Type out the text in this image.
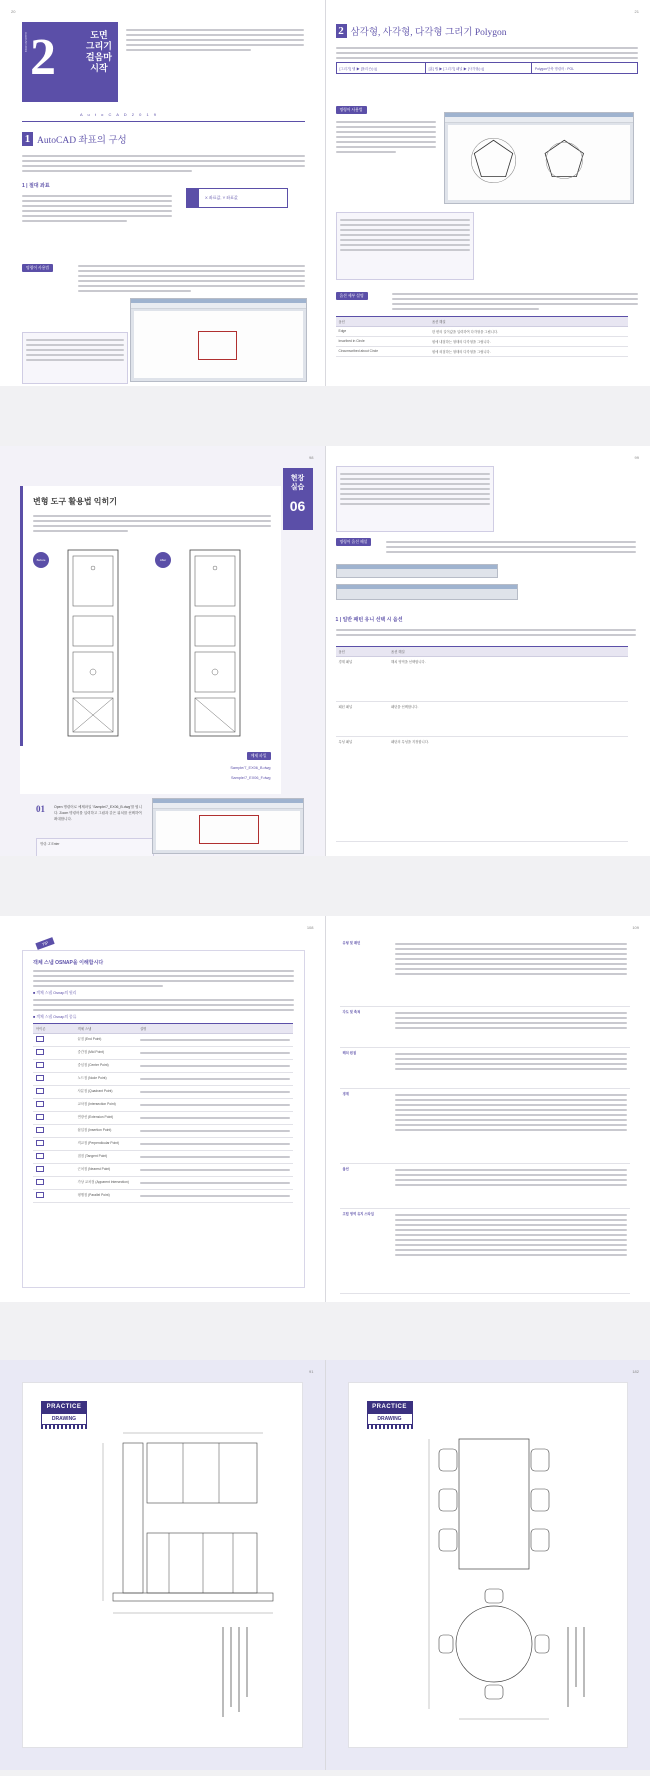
20
2
AutoCAD 2019	도면
그리기
걸음마
시작
A u t o C A D 2 0 1 9
1 AutoCAD 좌표의 구성
1 | 절대 좌표
X 좌표값, Y 좌표값
명령어 사용법
21
2 삼각형, 사각형, 다각형 그리기 Polygon
[그리기] 탭 ▶ [폴리곤(□)]	[홈] 탭 ▶ [그리기] 패널 ▶ [사각형(□)]	Polygon단축 명령어 : POL
명령어 사용법
옵션 세부 설명
옵션	옵션 해설
Edge	한 변의 길이값을 입력하여 다각형을 그립니다.
Inscribed in Circle	원에 내접하는 형태의 다각형을 그립니다.
Circumscribed about Circle	원에 외접하는 형태의 다각형을 그립니다.
98
현장
실습
06
변형 도구 활용법 익히기
Before	After
예제 파일
Sample/7_EX06_B.dwg
Sample/7_EX06_F.dwg
01	Open 명령어로 예제파일 'Sample/7_EX06_B.dwg'를 엽니다. Zoom 명령어를 입력하고 그림과 같은 위치를 선택하여 확대합니다.
명령: Z Enter
99
명령어 옵션 해설
1 | 일반 패턴 유니 선택 시 옵션
옵션	옵션 해설
경계 패널	해치 영역을 선택합니다.
패턴 패널	패턴을 선택합니다.
특성 패널	패턴의 특성을 지정합니다.
108
TIP
객체 스냅 OSNAP을 이해합시다
■ 객체 스냅 Osnap의 원리
■ 객체 스냅 Osnap의 종류
아이콘	객체 스냅	설명
	끝점 (End Point)	

	중간점 (Mid Point)	

	중심점 (Center Point)	

	노드점 (Node Point)	

	사분점 (Quadrant Point)	

	교차점 (Intersection Point)	

	연장선 (Extension Point)	

	삽입점 (Insertion Point)	

	직교점 (Perpendicular Point)	

	접점 (Tangent Point)	

	근처점 (Nearest Point)	

	가상 교차점 (Apparent Intersection)	

	평행점 (Parallel Point)	
109
유형 및 패턴	

각도 및 축척	

해치 원점	

경계	

옵션	

고립 영역 유지 스타일	
91
PRACTICE
DRAWING
182
PRACTICE
DRAWING
